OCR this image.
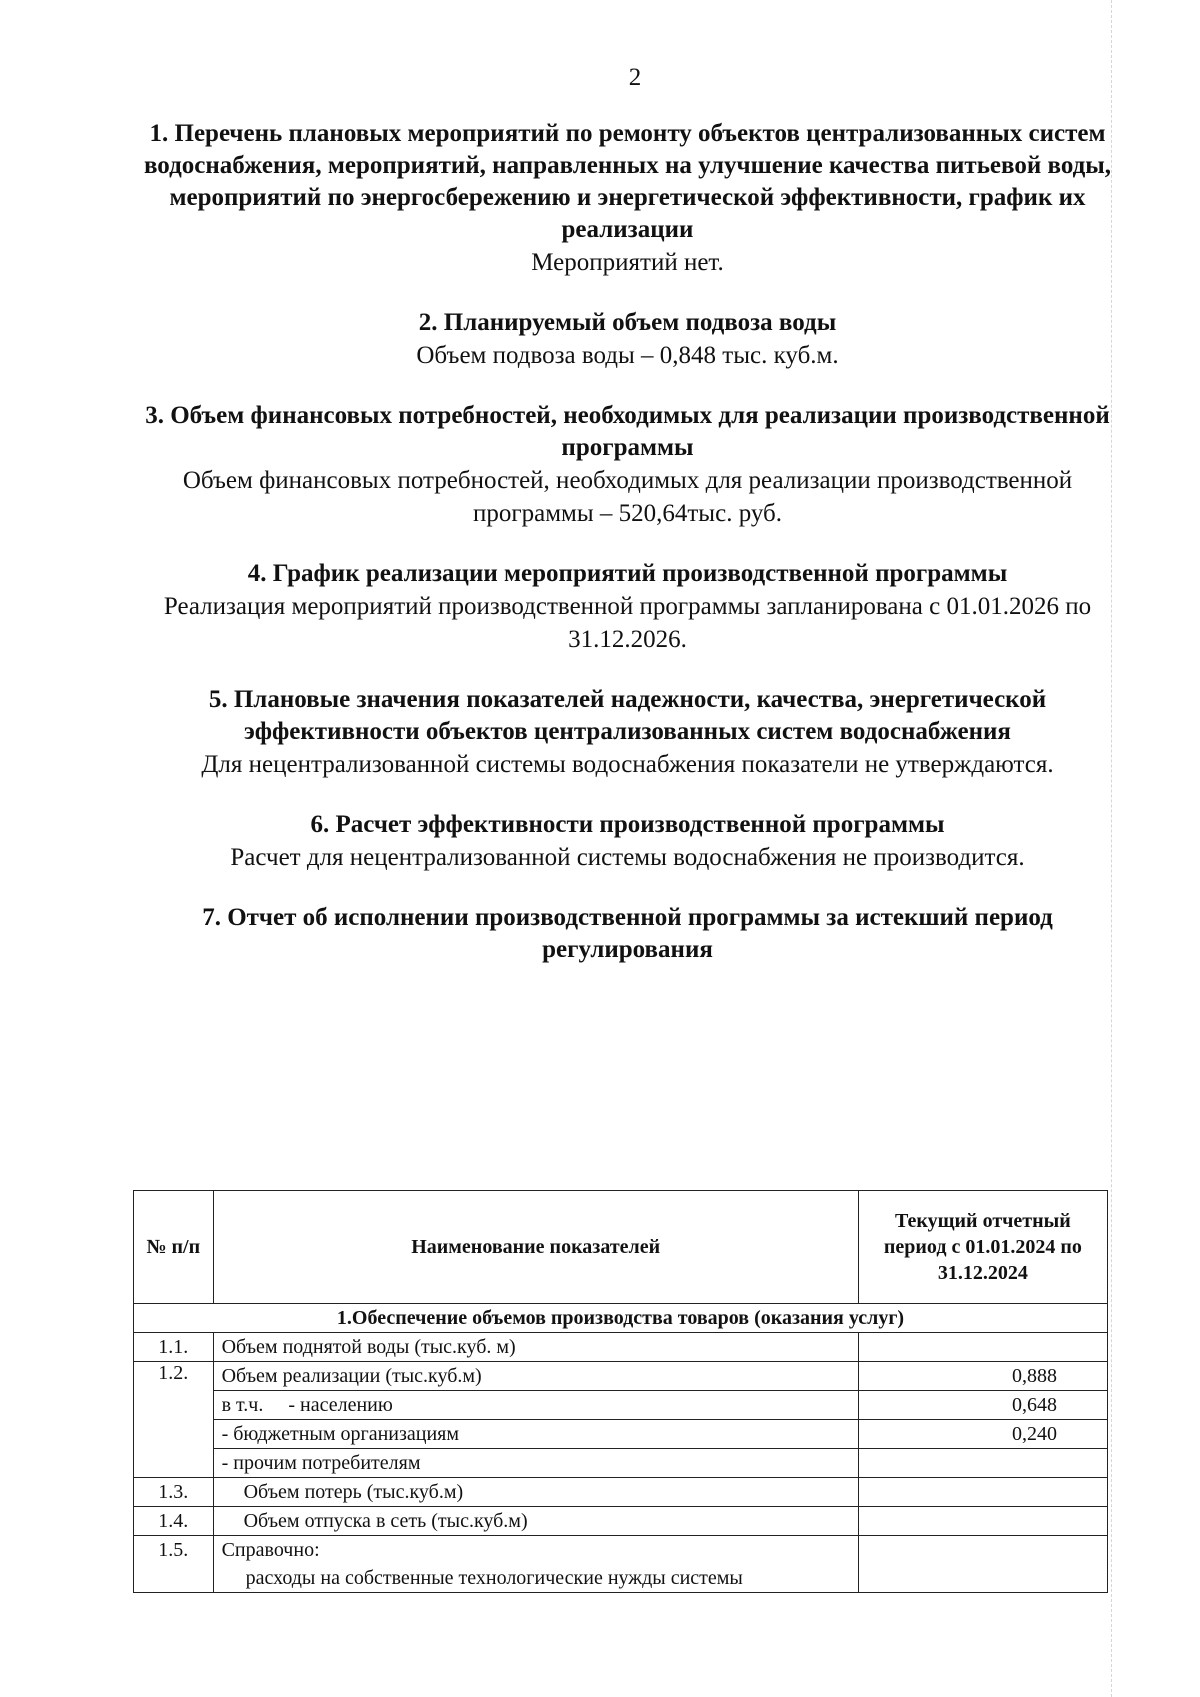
2
1. Перечень плановых мероприятий по ремонту объектов централизованных систем водоснабжения, мероприятий, направленных на улучшение качества питьевой воды, мероприятий по энергосбережению и энергетической эффективности, график их реализации

Мероприятий нет.

2. Планируемый объем подвоза воды

Объем подвоза воды – 0,848 тыс. куб.м.

3. Объем финансовых потребностей, необходимых для реализации производственной программы

Объем финансовых потребностей, необходимых для реализации производственной программы – 520,64тыс. руб.

4. График реализации мероприятий производственной программы

Реализация мероприятий производственной программы запланирована с 01.01.2026 по 31.12.2026.

5. Плановые значения показателей надежности, качества, энергетической эффективности объектов централизованных систем водоснабжения

Для нецентрализованной системы водоснабжения показатели не утверждаются.

6. Расчет эффективности производственной программы

Расчет для нецентрализованной системы водоснабжения не производится.

7. Отчет об исполнении производственной программы за истекший период регулирования
№ п/п	Наименование показателей	Текущий отчетный период с 01.01.2024 по 31.12.2024
1.Обеспечение объемов производства товаров (оказания услуг)		
1.1.	Объем поднятой воды (тыс.куб. м)	
1.2.	Объем реализации (тыс.куб.м)	0,888
	в т.ч. - населению	0,648
	- бюджетным организациям	0,240
	- прочим потребителям	
1.3.	Объем потерь (тыс.куб.м)	
1.4.	Объем отпуска в сеть (тыс.куб.м)	
1.5.	Справочно:
расходы на собственные технологические нужды системы	
